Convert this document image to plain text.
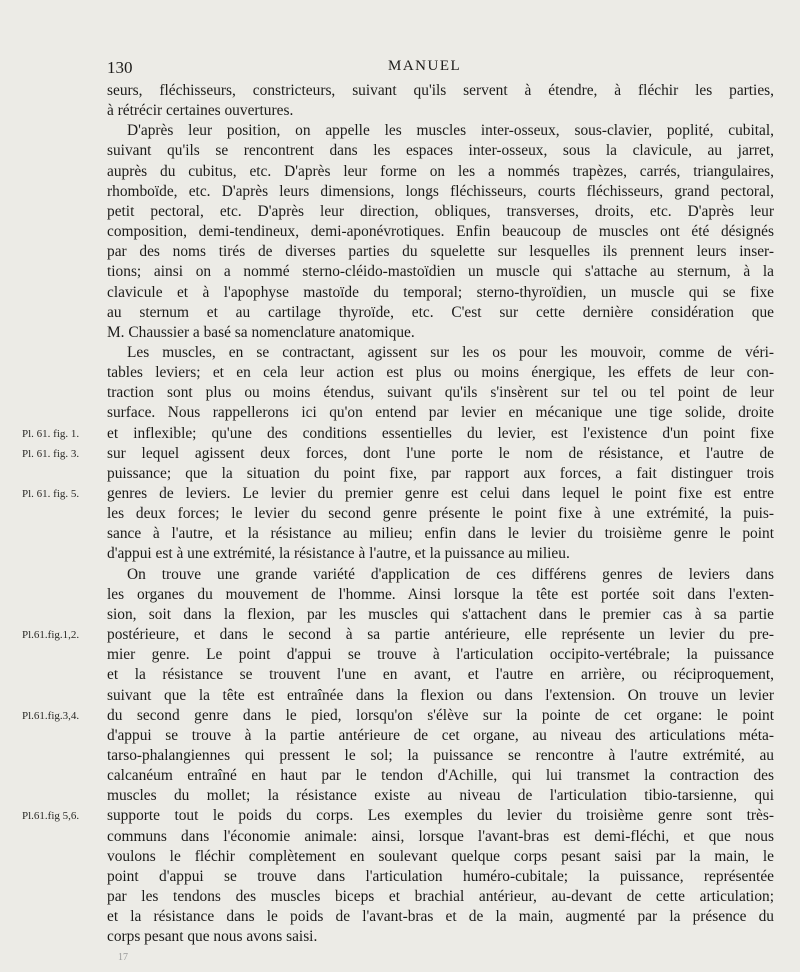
130	MANUEL
seurs, fléchisseurs, constricteurs, suivant qu'ils servent à étendre, à fléchir les parties,
à rétrécir certaines ouvertures.
D'après leur position, on appelle les muscles inter-osseux, sous-clavier, poplité, cubital,
suivant qu'ils se rencontrent dans les espaces inter-osseux, sous la clavicule, au jarret,
auprès du cubitus, etc. D'après leur forme on les a nommés trapèzes, carrés, triangulaires,
rhomboïde, etc. D'après leurs dimensions, longs fléchisseurs, courts fléchisseurs, grand pectoral,
petit pectoral, etc. D'après leur direction, obliques, transverses, droits, etc. D'après leur
composition, demi-tendineux, demi-aponévrotiques. Enfin beaucoup de muscles ont été désignés
par des noms tirés de diverses parties du squelette sur lesquelles ils prennent leurs inser-
tions; ainsi on a nommé sterno-cléido-mastoïdien un muscle qui s'attache au sternum, à la
clavicule et à l'apophyse mastoïde du temporal; sterno-thyroïdien, un muscle qui se fixe
au sternum et au cartilage thyroïde, etc. C'est sur cette dernière considération que
M. Chaussier a basé sa nomenclature anatomique.
Les muscles, en se contractant, agissent sur les os pour les mouvoir, comme de véri-
tables leviers; et en cela leur action est plus ou moins énergique, les effets de leur con-
traction sont plus ou moins étendus, suivant qu'ils s'insèrent sur tel ou tel point de leur
surface. Nous rappellerons ici qu'on entend par levier en mécanique une tige solide, droite
et inflexible; qu'une des conditions essentielles du levier, est l'existence d'un point fixe
Pl. 61. fig. 1.
sur lequel agissent deux forces, dont l'une porte le nom de résistance, et l'autre de
Pl. 61. fig. 3.
puissance; que la situation du point fixe, par rapport aux forces, a fait distinguer trois
genres de leviers. Le levier du premier genre est celui dans lequel le point fixe est entre
Pl. 61. fig. 5.
les deux forces; le levier du second genre présente le point fixe à une extrémité, la puis-
sance à l'autre, et la résistance au milieu; enfin dans le levier du troisième genre le point
d'appui est à une extrémité, la résistance à l'autre, et la puissance au milieu.
On trouve une grande variété d'application de ces différens genres de leviers dans
les organes du mouvement de l'homme. Ainsi lorsque la tête est portée soit dans l'exten-
sion, soit dans la flexion, par les muscles qui s'attachent dans le premier cas à sa partie
postérieure, et dans le second à sa partie antérieure, elle représente un levier du pre-
Pl.61.fig.1,2.
mier genre. Le point d'appui se trouve à l'articulation occipito-vertébrale; la puissance
et la résistance se trouvent l'une en avant, et l'autre en arrière, ou réciproquement,
suivant que la tête est entraînée dans la flexion ou dans l'extension. On trouve un levier
du second genre dans le pied, lorsqu'on s'élève sur la pointe de cet organe: le point
Pl.61.fig.3,4.
d'appui se trouve à la partie antérieure de cet organe, au niveau des articulations méta-
tarso-phalangiennes qui pressent le sol; la puissance se rencontre à l'autre extrémité, au
calcanéum entraîné en haut par le tendon d'Achille, qui lui transmet la contraction des
muscles du mollet; la résistance existe au niveau de l'articulation tibio-tarsienne, qui
supporte tout le poids du corps. Les exemples du levier du troisième genre sont très-
Pl.61.fig 5,6.
communs dans l'économie animale: ainsi, lorsque l'avant-bras est demi-fléchi, et que nous
voulons le fléchir complètement en soulevant quelque corps pesant saisi par la main, le
point d'appui se trouve dans l'articulation huméro-cubitale; la puissance, représentée
par les tendons des muscles biceps et brachial antérieur, au-devant de cette articulation;
et la résistance dans le poids de l'avant-bras et de la main, augmenté par la présence du
corps pesant que nous avons saisi.
17
